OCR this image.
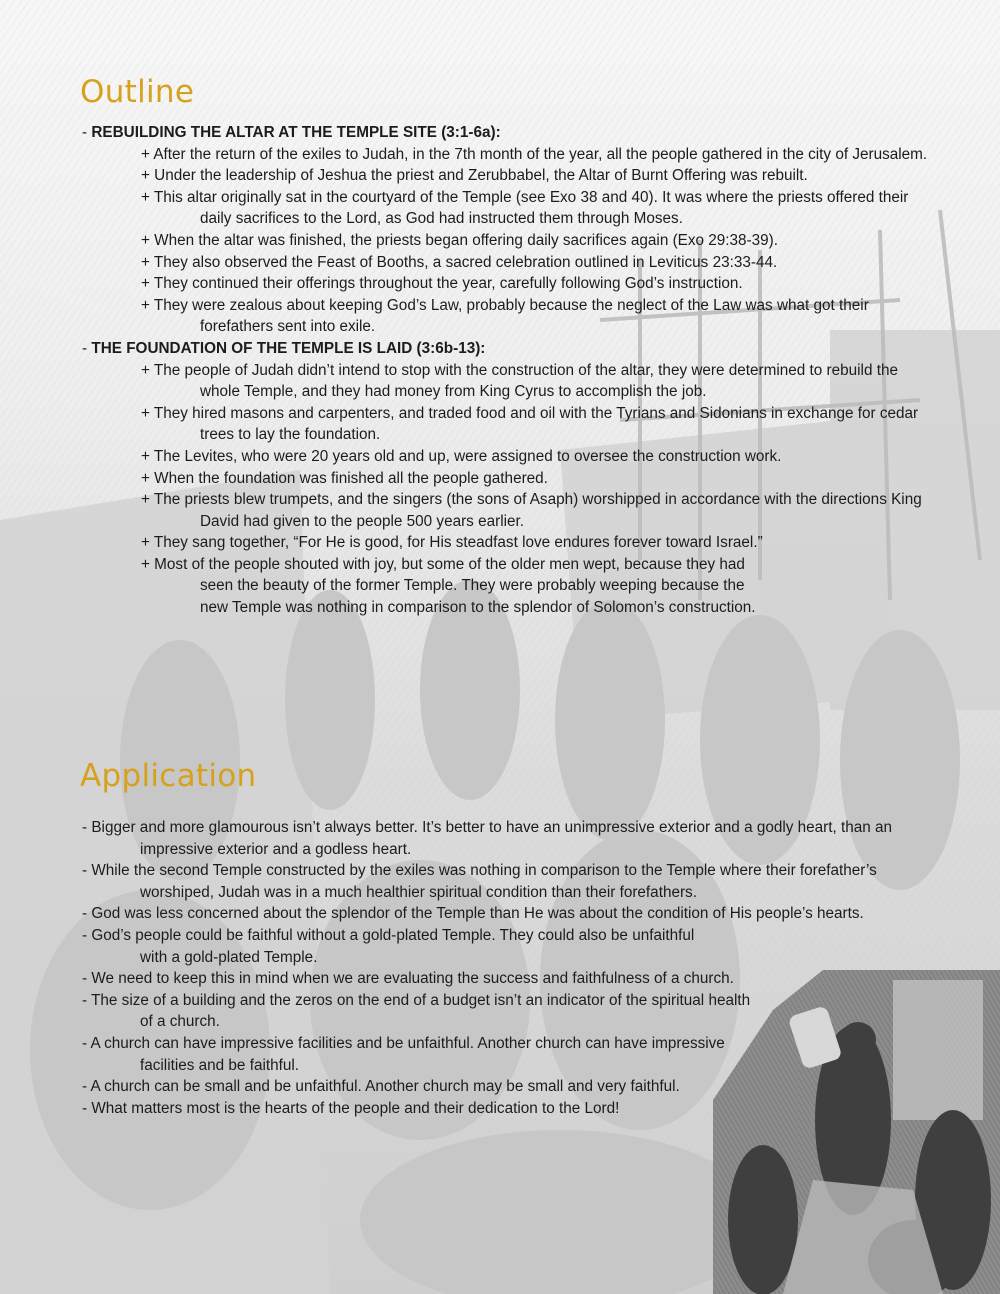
Outline
- REBUILDING THE ALTAR AT THE TEMPLE SITE (3:1-6a):
+ After the return of the exiles to Judah, in the 7th month of the year, all the people gathered in the city of Jerusalem.
+ Under the leadership of Jeshua the priest and Zerubbabel, the Altar of Burnt Offering was rebuilt.
+ This altar originally sat in the courtyard of the Temple (see Exo 38 and 40). It was where the priests offered their daily sacrifices to the Lord, as God had instructed them through Moses.
+ When the altar was finished, the priests began offering daily sacrifices again (Exo 29:38-39).
+ They also observed the Feast of Booths, a sacred celebration outlined in Leviticus 23:33-44.
+ They continued their offerings throughout the year, carefully following God’s instruction.
+ They were zealous about keeping God’s Law, probably because the neglect of the Law was what got their forefathers sent into exile.
- THE FOUNDATION OF THE TEMPLE IS LAID (3:6b-13):
+ The people of Judah didn’t intend to stop with the construction of the altar, they were determined to rebuild the whole Temple, and they had money from King Cyrus to accomplish the job.
+ They hired masons and carpenters, and traded food and oil with the Tyrians and Sidonians in exchange for cedar trees to lay the foundation.
+ The Levites, who were 20 years old and up, were assigned to oversee the construction work.
+ When the foundation was finished all the people gathered.
+ The priests blew trumpets, and the singers (the sons of Asaph) worshipped in accordance with the directions King David had given to the people 500 years earlier.
+ They sang together, “For He is good, for His steadfast love endures forever toward Israel.”
+ Most of the people shouted with joy, but some of the older men wept, because they had seen the beauty of the former Temple. They were probably weeping because the new Temple was nothing in comparison to the splendor of Solomon’s construction.
Application
- Bigger and more glamourous isn’t always better. It’s better to have an unimpressive exterior and a godly heart, than an impressive exterior and a godless heart.
- While the second Temple constructed by the exiles was nothing in comparison to the Temple where their forefather’s worshiped, Judah was in a much healthier spiritual condition than their forefathers.
- God was less concerned about the splendor of the Temple than He was about the condition of His people’s hearts.
- God’s people could be faithful without a gold-plated Temple. They could also be unfaithful with a gold-plated Temple.
- We need to keep this in mind when we are evaluating the success and faithfulness of a church.
- The size of a building and the zeros on the end of a budget isn’t an indicator of the spiritual health of a church.
- A church can have impressive facilities and be unfaithful. Another church can have impressive facilities and be faithful.
- A church can be small and be unfaithful. Another church may be small and very faithful.
- What matters most is the hearts of the people and their dedication to the Lord!
